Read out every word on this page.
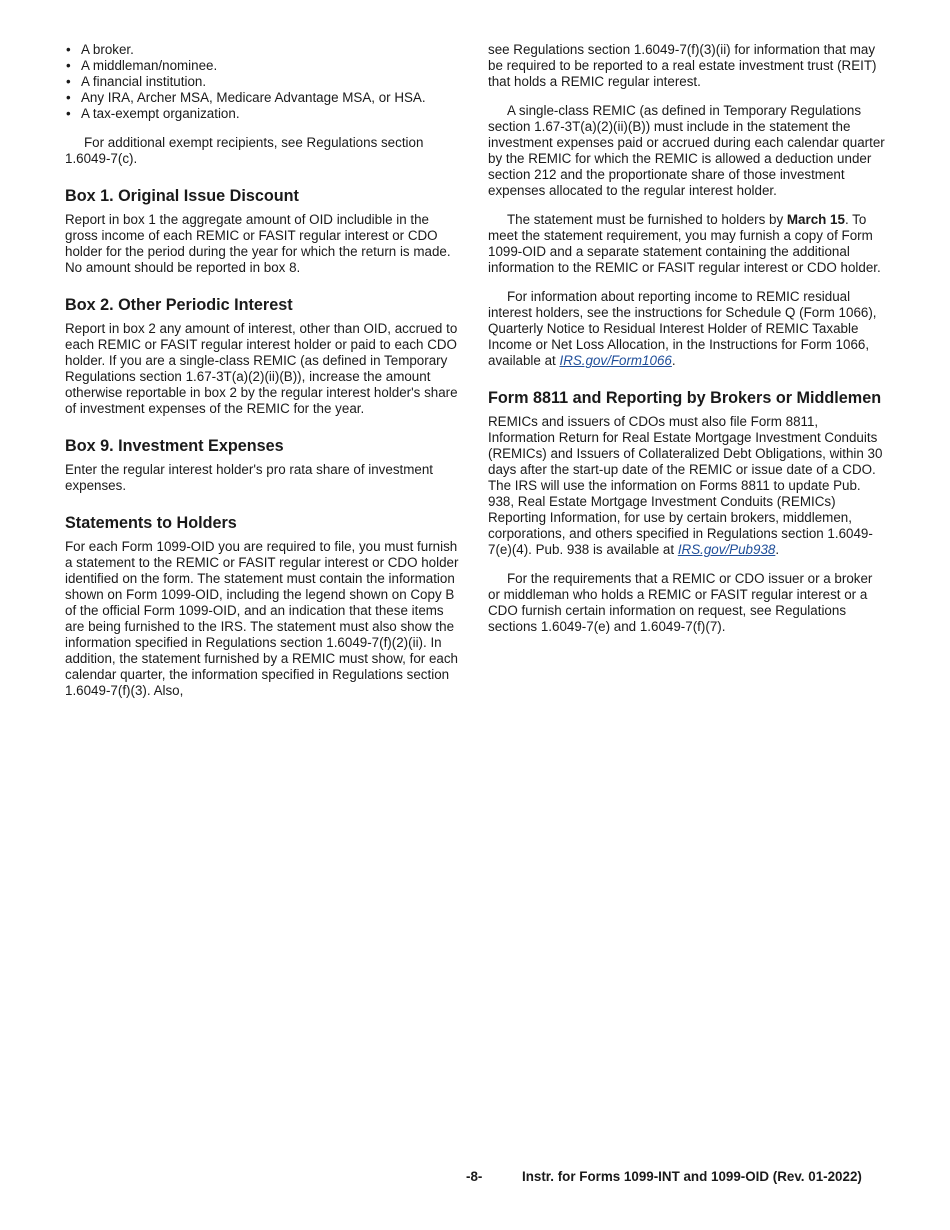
• A broker.
• A middleman/nominee.
• A financial institution.
• Any IRA, Archer MSA, Medicare Advantage MSA, or HSA.
• A tax-exempt organization.

For additional exempt recipients, see Regulations section 1.6049-7(c).

Box 1. Original Issue Discount

Report in box 1 the aggregate amount of OID includible in the gross income of each REMIC or FASIT regular interest or CDO holder for the period during the year for which the return is made. No amount should be reported in box 8.

Box 2. Other Periodic Interest

Report in box 2 any amount of interest, other than OID, accrued to each REMIC or FASIT regular interest holder or paid to each CDO holder. If you are a single-class REMIC (as defined in Temporary Regulations section 1.67-3T(a)(2)(ii)(B)), increase the amount otherwise reportable in box 2 by the regular interest holder's share of investment expenses of the REMIC for the year.

Box 9. Investment Expenses

Enter the regular interest holder's pro rata share of investment expenses.

Statements to Holders

For each Form 1099-OID you are required to file, you must furnish a statement to the REMIC or FASIT regular interest or CDO holder identified on the form. The statement must contain the information shown on Form 1099-OID, including the legend shown on Copy B of the official Form 1099-OID, and an indication that these items are being furnished to the IRS. The statement must also show the information specified in Regulations section 1.6049-7(f)(2)(ii). In addition, the statement furnished by a REMIC must show, for each calendar quarter, the information specified in Regulations section 1.6049-7(f)(3). Also,

see Regulations section 1.6049-7(f)(3)(ii) for information that may be required to be reported to a real estate investment trust (REIT) that holds a REMIC regular interest.

A single-class REMIC (as defined in Temporary Regulations section 1.67-3T(a)(2)(ii)(B)) must include in the statement the investment expenses paid or accrued during each calendar quarter by the REMIC for which the REMIC is allowed a deduction under section 212 and the proportionate share of those investment expenses allocated to the regular interest holder.

The statement must be furnished to holders by March 15. To meet the statement requirement, you may furnish a copy of Form 1099-OID and a separate statement containing the additional information to the REMIC or FASIT regular interest or CDO holder.

For information about reporting income to REMIC residual interest holders, see the instructions for Schedule Q (Form 1066), Quarterly Notice to Residual Interest Holder of REMIC Taxable Income or Net Loss Allocation, in the Instructions for Form 1066, available at IRS.gov/Form1066.

Form 8811 and Reporting by Brokers or Middlemen

REMICs and issuers of CDOs must also file Form 8811, Information Return for Real Estate Mortgage Investment Conduits (REMICs) and Issuers of Collateralized Debt Obligations, within 30 days after the start-up date of the REMIC or issue date of a CDO. The IRS will use the information on Forms 8811 to update Pub. 938, Real Estate Mortgage Investment Conduits (REMICs) Reporting Information, for use by certain brokers, middlemen, corporations, and others specified in Regulations section 1.6049-7(e)(4). Pub. 938 is available at IRS.gov/Pub938.

For the requirements that a REMIC or CDO issuer or a broker or middleman who holds a REMIC or FASIT regular interest or a CDO furnish certain information on request, see Regulations sections 1.6049-7(e) and 1.6049-7(f)(7).

-8-	Instr. for Forms 1099-INT and 1099-OID (Rev. 01-2022)
